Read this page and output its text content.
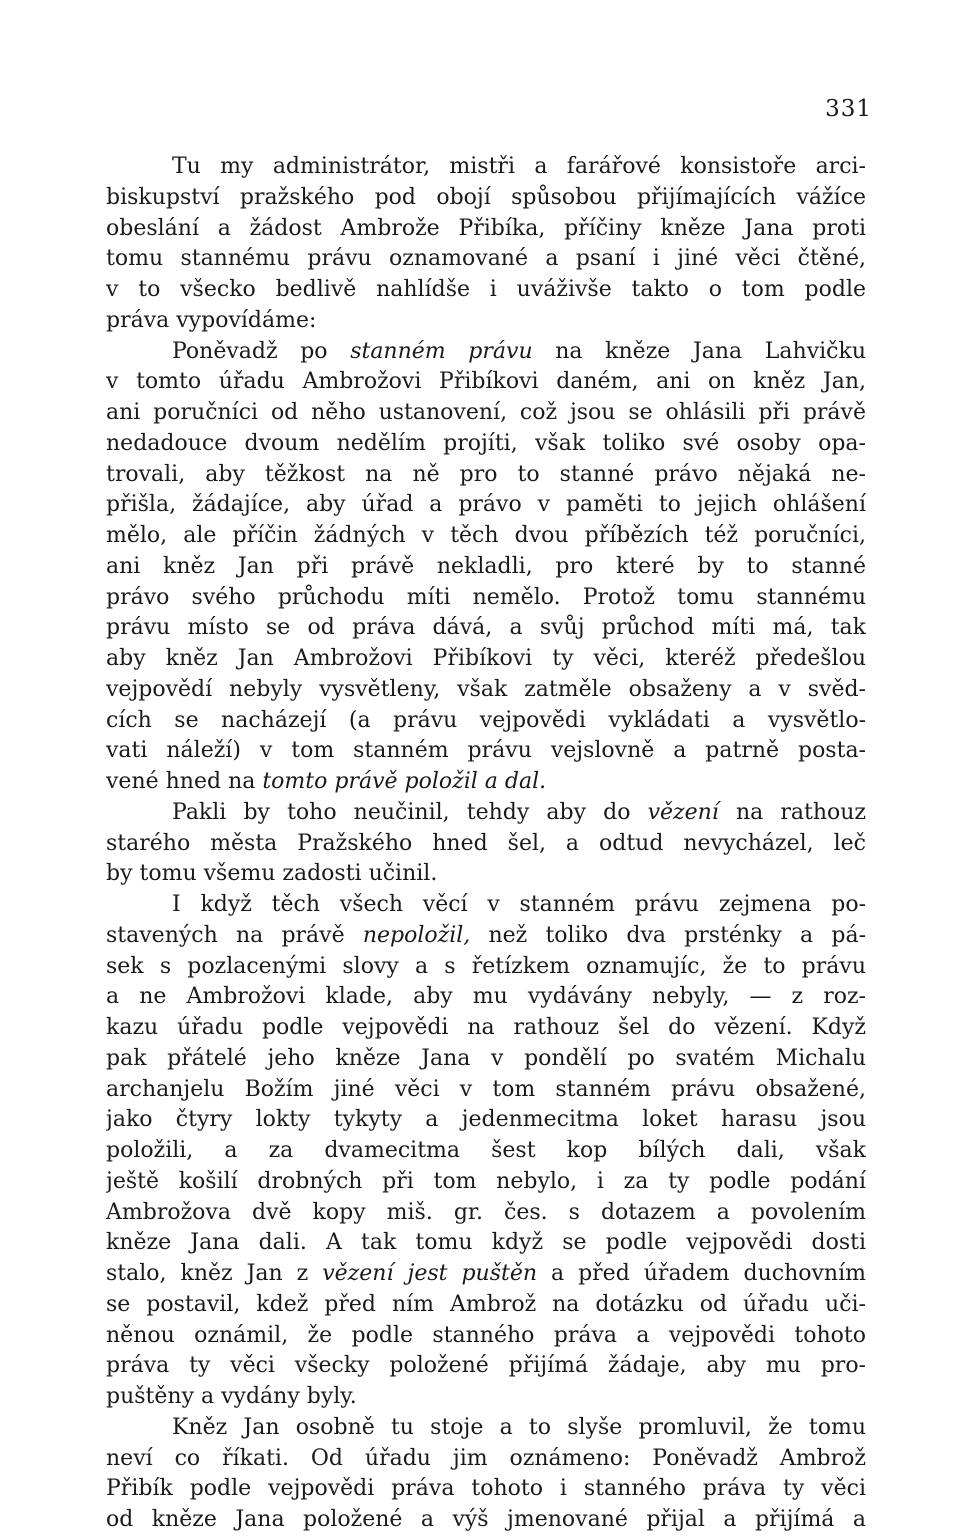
331
Tu my administrátor, mistři a farářové konsistoře arci-
biskupství pražského pod obojí spůsobou přijímajících vážíce
obeslání a žádost Ambrože Přibíka, příčiny kněze Jana proti
tomu stannému právu oznamované a psaní i jiné věci čtěné,
v to všecko bedlivě nahlídše i uváživše takto o tom podle
práva vypovídáme:
Poněvadž po stanném právu na kněze Jana Lahvičku
v tomto úřadu Ambrožovi Přibíkovi daném, ani on kněz Jan,
ani poručníci od něho ustanovení, což jsou se ohlásili při právě
nedadouce dvoum nedělím projíti, však toliko své osoby opa-
trovali, aby těžkost na ně pro to stanné právo nějaká ne-
přišla, žádajíce, aby úřad a právo v paměti to jejich ohlášení
mělo, ale příčin žádných v těch dvou příbězích též poručníci,
ani kněz Jan při právě nekladli, pro které by to stanné
právo svého průchodu míti nemělo. Protož tomu stannému
právu místo se od práva dává, a svůj průchod míti má, tak
aby kněz Jan Ambrožovi Přibíkovi ty věci, kteréž předešlou
vejpovědí nebyly vysvětleny, však zatměle obsaženy a v svěd-
cích se nacházejí (a právu vejpovědi vykládati a vysvětlo-
vati náleží) v tom stanném právu vejslovně a patrně posta-
vené hned na tomto právě položil a dal.
Pakli by toho neučinil, tehdy aby do vězení na rathouz
starého města Pražského hned šel, a odtud nevycházel, leč
by tomu všemu zadosti učinil.
I když těch všech věcí v stanném právu zejmena po-
stavených na právě nepoložil, než toliko dva prsténky a pá-
sek s pozlacenými slovy a s řetízkem oznamujíc, že to právu
a ne Ambrožovi klade, aby mu vydávány nebyly, — z roz-
kazu úřadu podle vejpovědi na rathouz šel do vězení. Když
pak přátelé jeho kněze Jana v pondělí po svatém Michalu
archanjelu Božím jiné věci v tom stanném právu obsažené,
jako čtyry lokty tykyty a jedenmecitma loket harasu jsou
položili, a za dvamecitma šest kop bílých dali, však
ještě košilí drobných při tom nebylo, i za ty podle podání
Ambrožova dvě kopy miš. gr. čes. s dotazem a povolením
kněze Jana dali. A tak tomu když se podle vejpovědi dosti
stalo, kněz Jan z vězení jest puštěn a před úřadem duchovním
se postavil, kdež před ním Ambrož na dotázku od úřadu uči-
něnou oznámil, že podle stanného práva a vejpovědi tohoto
práva ty věci všecky položené přijímá žádaje, aby mu pro-
puštěny a vydány byly.
Kněz Jan osobně tu stoje a to slyše promluvil, že tomu
neví co říkati. Od úřadu jim oznámeno: Poněvadž Ambrož
Přibík podle vejpovědi práva tohoto i stanného práva ty věci
od kněze Jana položené a výš jmenované přijal a přijímá a
